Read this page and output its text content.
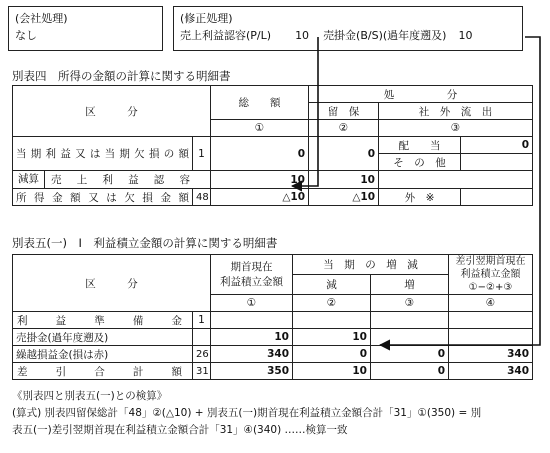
(会社処理)
なし
(修正処理)
売上利益認容(P/L)	10 売掛金(B/S)(過年度遡及)	10
別表四　所得の金額の計算に関する明細書
区　　　分		総　　額	処　　　　　分		
			留　保	社　外　流　出	
		①	②	③	
当期利益又は当期欠損の額	1	0	0	配　　当	0
				そ　の　他	

減算 売上利益認容		10	10		
所得金額又は欠損金額	48	△10	△10	外　※	
別表五(一)　Ⅰ　利益積立金額の計算に関する明細書
区　　　分		期首現在
利益積立金額	当　期　の　増　減		差引翌期首現在
利益積立金額
①−②+③
			減	増	
		①	②	③	④
利益準備金	1				
売掛金(過年度遡及)		10	10		
繰越損益金(損は赤)	26	340	0	0	340
差引合計額	31	350	10	0	340

《別表四と別表五(一)との検算》

(算式) 別表四留保総計「48」②(△10) + 別表五(一)期首現在利益積立金額合計「31」①(350) = 別

表五(一)差引翌期首現在利益積立金額合計「31」④(340) ……検算一致
